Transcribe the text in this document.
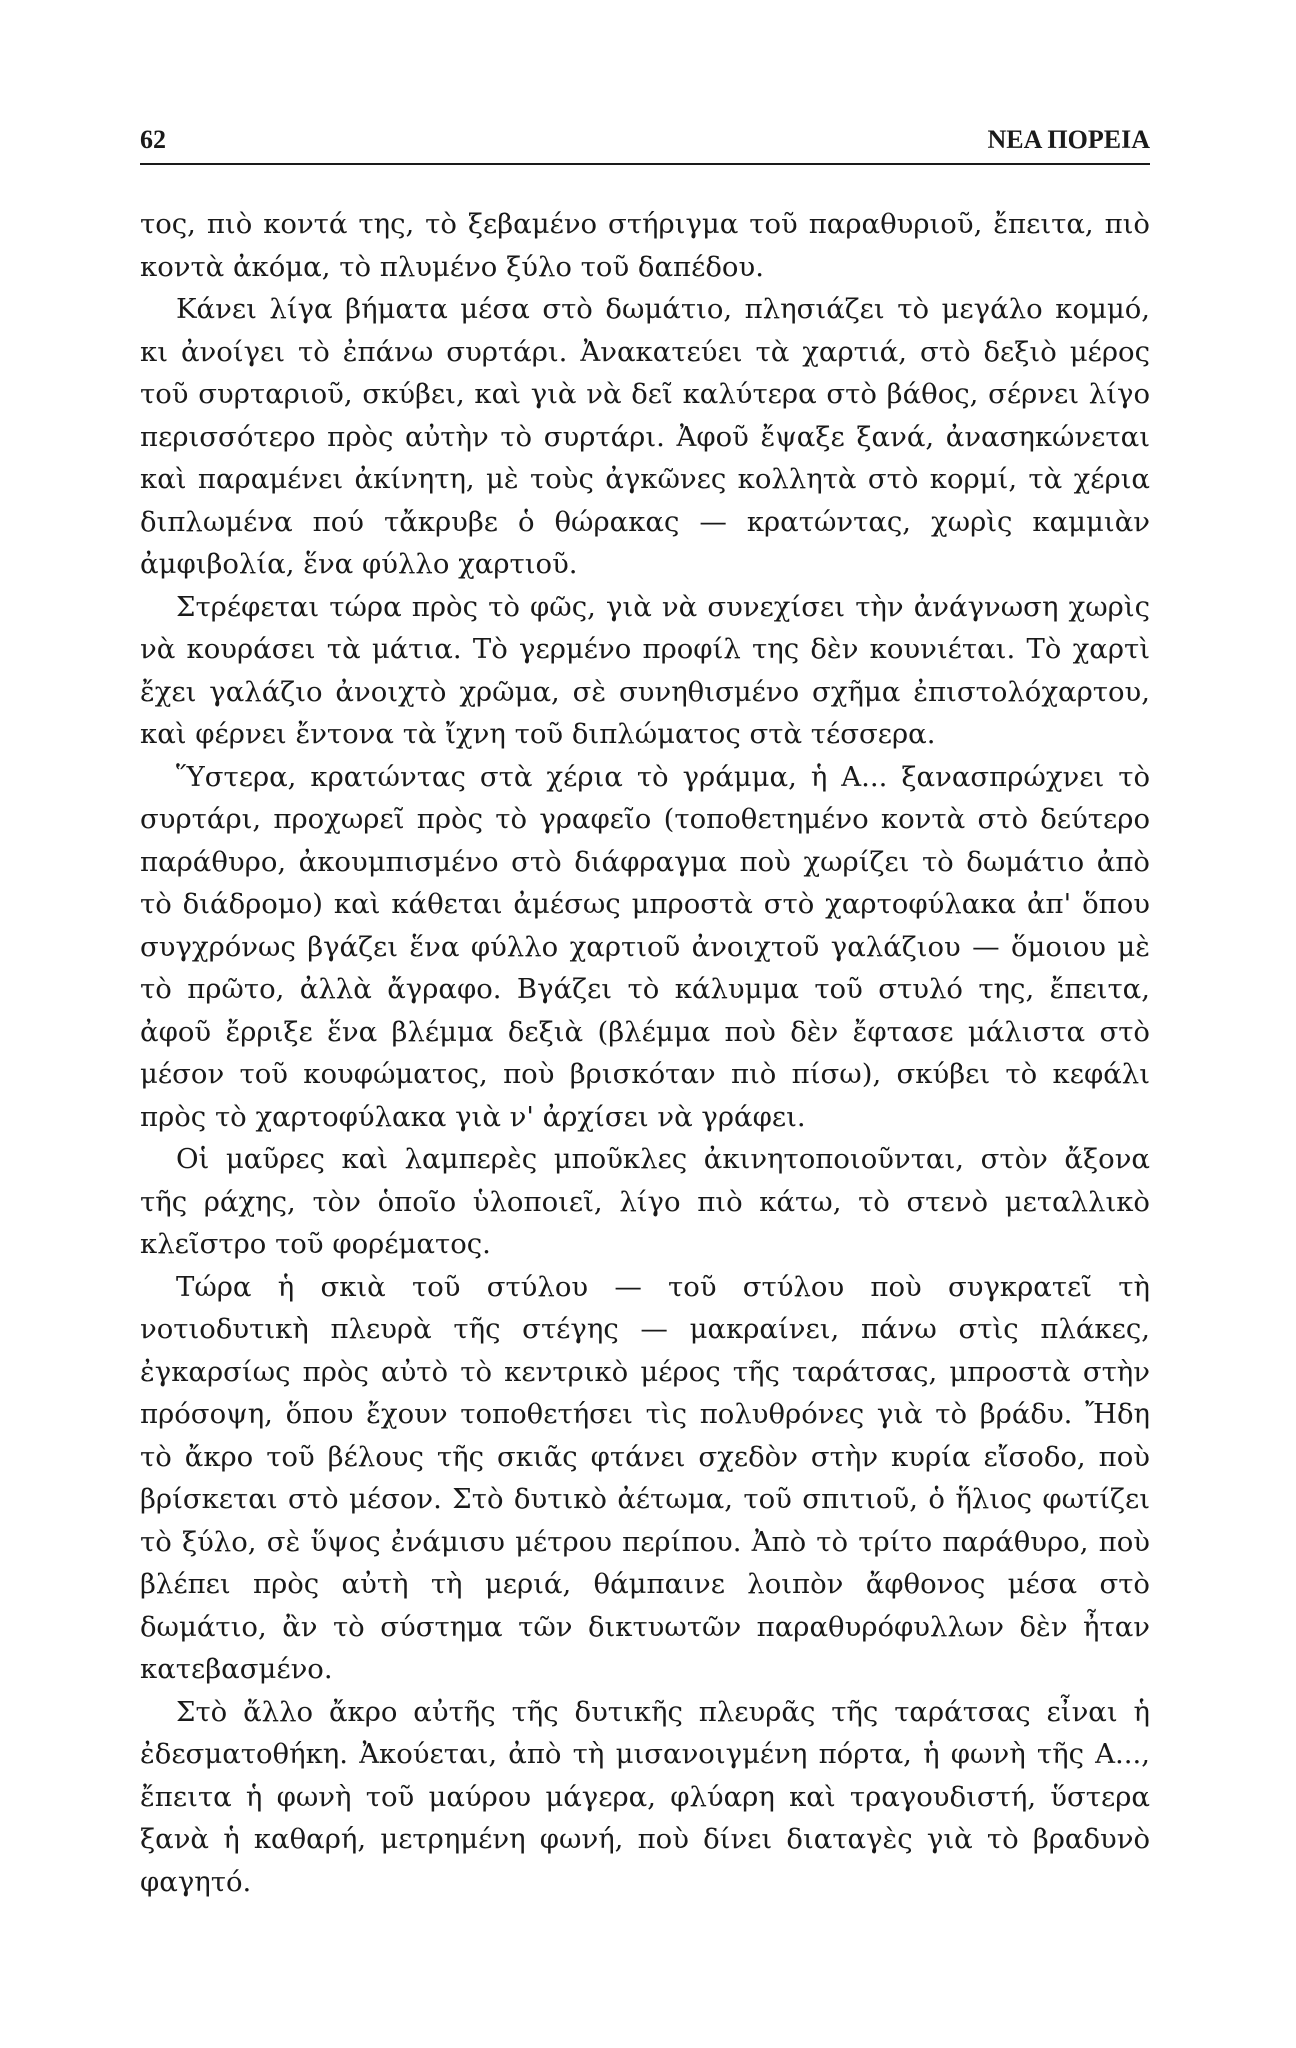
62	ΝΕΑ ΠΟΡΕΙΑ

τος, πιὸ κοντά της, τὸ ξεβαμένο στήριγμα τοῦ παραθυριοῦ, ἔπειτα, πιὸ κοντὰ ἀκόμα, τὸ πλυμένο ξύλο τοῦ δαπέδου.

Κάνει λίγα βήματα μέσα στὸ δωμάτιο, πλησιάζει τὸ μεγάλο κομμό, κι ἀνοίγει τὸ ἐπάνω συρτάρι. Ἀνακατεύει τὰ χαρτιά, στὸ δεξιὸ μέρος τοῦ συρταριοῦ, σκύβει, καὶ γιὰ νὰ δεῖ καλύτερα στὸ βάθος, σέρνει λίγο περισσότερο πρὸς αὐτὴν τὸ συρτάρι. Ἀφοῦ ἔψαξε ξανά, ἀνασηκώνεται καὶ παραμένει ἀκίνητη, μὲ τοὺς ἀγκῶνες κολλητὰ στὸ κορμί, τὰ χέρια διπλωμένα πού τἄκρυβε ὁ θώρακας — κρατώντας, χωρὶς καμμιὰν ἀμφιβολία, ἕνα φύλλο χαρτιοῦ.

Στρέφεται τώρα πρὸς τὸ φῶς, γιὰ νὰ συνεχίσει τὴν ἀνάγνωση χωρὶς νὰ κουράσει τὰ μάτια. Τὸ γερμένο προφίλ της δὲν κουνιέται. Τὸ χαρτὶ ἔχει γαλάζιο ἀνοιχτὸ χρῶμα, σὲ συνηθισμένο σχῆμα ἐπιστολόχαρτου, καὶ φέρνει ἔντονα τὰ ἴχνη τοῦ διπλώματος στὰ τέσσερα.

Ὕστερα, κρατώντας στὰ χέρια τὸ γράμμα, ἡ Α... ξανασπρώχνει τὸ συρτάρι, προχωρεῖ πρὸς τὸ γραφεῖο (τοποθετημένο κοντὰ στὸ δεύτερο παράθυρο, ἀκουμπισμένο στὸ διάφραγμα ποὺ χωρίζει τὸ δωμάτιο ἀπὸ τὸ διάδρομο) καὶ κάθεται ἀμέσως μπροστὰ στὸ χαρτοφύλακα ἀπ' ὅπου συγχρόνως βγάζει ἕνα φύλλο χαρτιοῦ ἀνοιχτοῦ γαλάζιου — ὅμοιου μὲ τὸ πρῶτο, ἀλλὰ ἄγραφο. Βγάζει τὸ κάλυμμα τοῦ στυλό της, ἔπειτα, ἀφοῦ ἔρριξε ἕνα βλέμμα δεξιὰ (βλέμμα ποὺ δὲν ἔφτασε μάλιστα στὸ μέσον τοῦ κουφώματος, ποὺ βρισκόταν πιὸ πίσω), σκύβει τὸ κεφάλι πρὸς τὸ χαρτοφύλακα γιὰ ν' ἀρχίσει νὰ γράφει.

Οἱ μαῦρες καὶ λαμπερὲς μποῦκλες ἀκινητοποιοῦνται, στὸν ἄξονα τῆς ράχης, τὸν ὁποῖο ὑλοποιεῖ, λίγο πιὸ κάτω, τὸ στενὸ μεταλλικὸ κλεῖστρο τοῦ φορέματος.

Τώρα ἡ σκιὰ τοῦ στύλου — τοῦ στύλου ποὺ συγκρατεῖ τὴ νοτιοδυτικὴ πλευρὰ τῆς στέγης — μακραίνει, πάνω στὶς πλάκες, ἐγκαρσίως πρὸς αὐτὸ τὸ κεντρικὸ μέρος τῆς ταράτσας, μπροστὰ στὴν πρόσοψη, ὅπου ἔχουν τοποθετήσει τὶς πολυθρόνες γιὰ τὸ βράδυ. Ἤδη τὸ ἄκρο τοῦ βέλους τῆς σκιᾶς φτάνει σχεδὸν στὴν κυρία εἴσοδο, ποὺ βρίσκεται στὸ μέσον. Στὸ δυτικὸ ἀέτωμα, τοῦ σπιτιοῦ, ὁ ἥλιος φωτίζει τὸ ξύλο, σὲ ὕψος ἐνάμισυ μέτρου περίπου. Ἀπὸ τὸ τρίτο παράθυρο, ποὺ βλέπει πρὸς αὐτὴ τὴ μεριά, θάμπαινε λοιπὸν ἄφθονος μέσα στὸ δωμάτιο, ἂν τὸ σύστημα τῶν δικτυωτῶν παραθυρόφυλλων δὲν ἦταν κατεβασμένο.

Στὸ ἄλλο ἄκρο αὐτῆς τῆς δυτικῆς πλευρᾶς τῆς ταράτσας εἶναι ἡ ἐδεσματοθήκη. Ἀκούεται, ἀπὸ τὴ μισανοιγμένη πόρτα, ἡ φωνὴ τῆς Α..., ἔπειτα ἡ φωνὴ τοῦ μαύρου μάγερα, φλύαρη καὶ τραγουδιστή, ὕστερα ξανὰ ἡ καθαρή, μετρημένη φωνή, ποὺ δίνει διαταγὲς γιὰ τὸ βραδυνὸ φαγητό.
